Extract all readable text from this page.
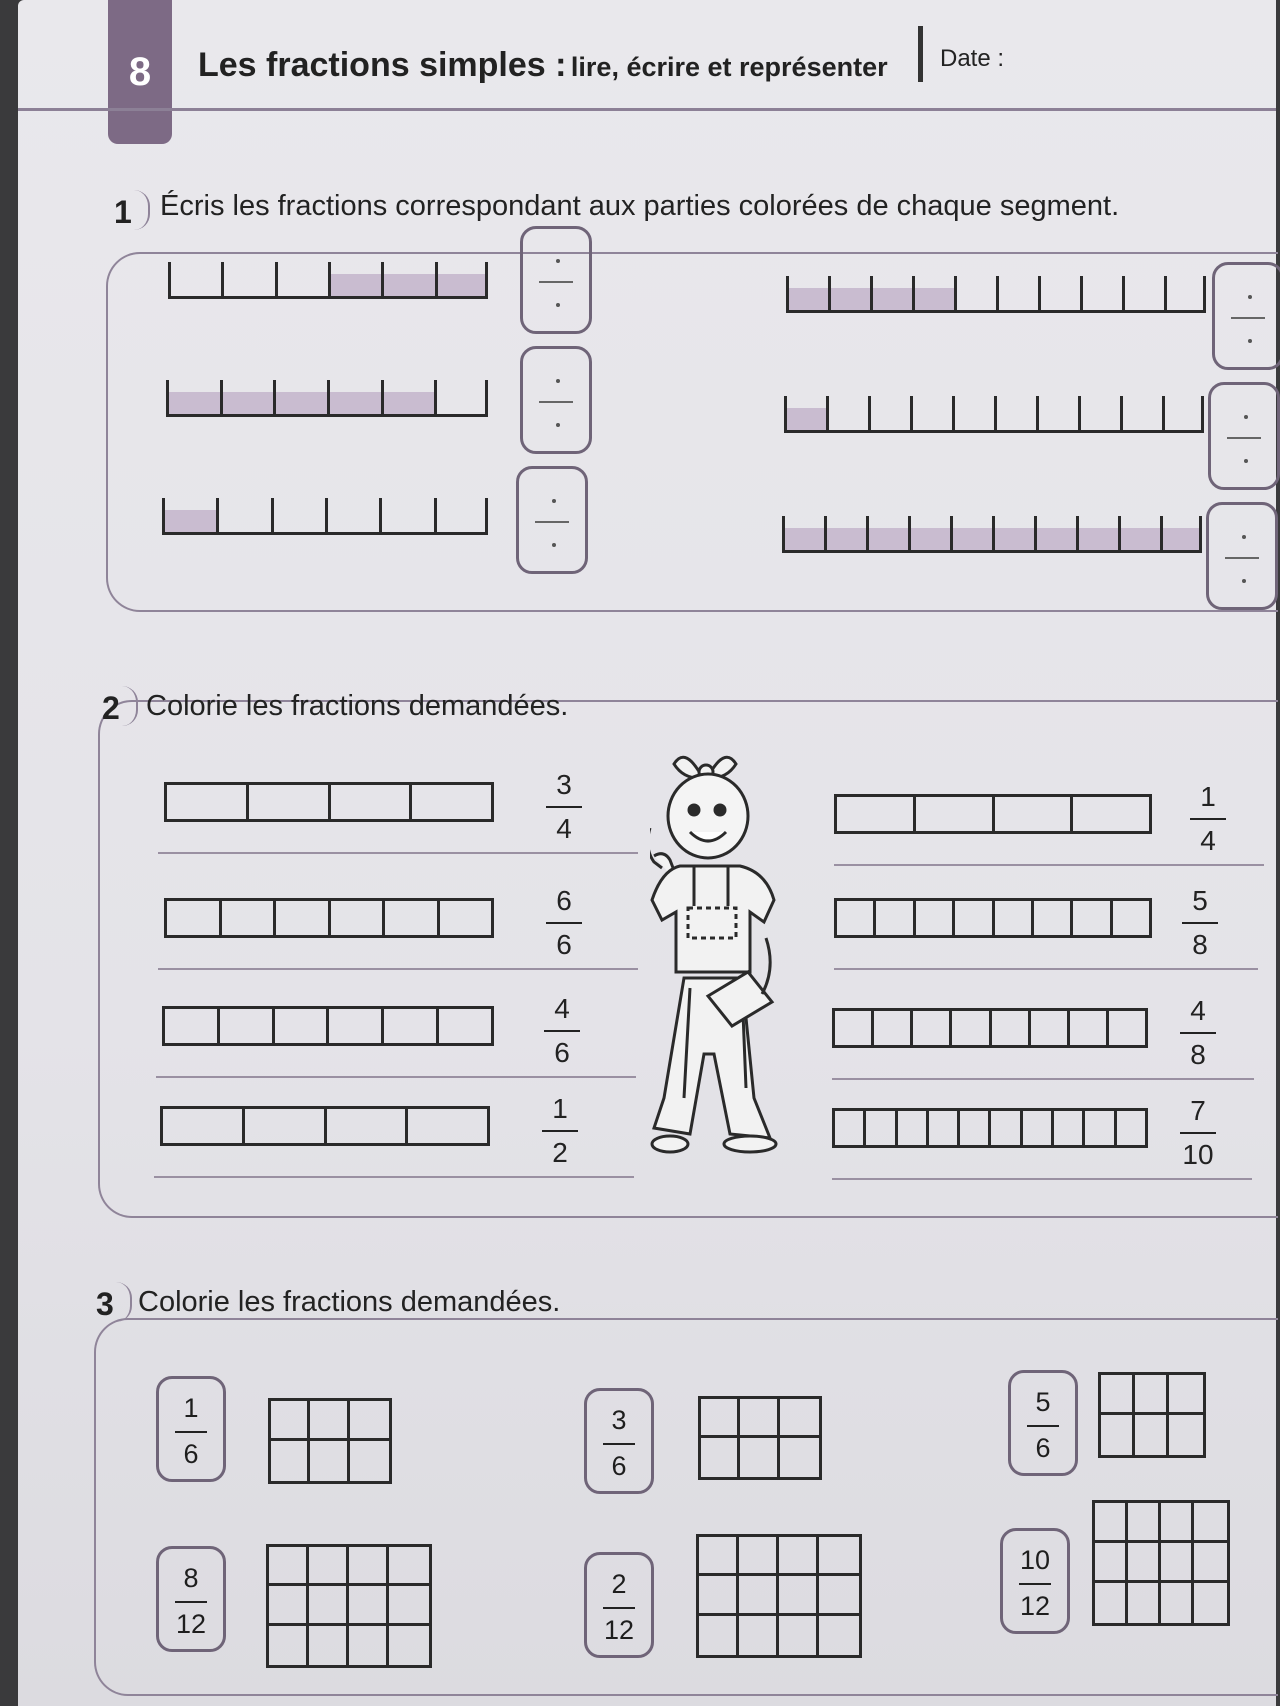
8	Les fractions simples : lire, écrire et représenter Date :
1 Écris les fractions correspondant aux parties colorées de chaque segment.
2 Colorie les fractions demandées.
3
4
6
6
4
6
1
2
1
4
5
8
4
8
7
10
3 Colorie les fractions demandées.
1
6
3
6
5
6
8
12
2
12
10
12
